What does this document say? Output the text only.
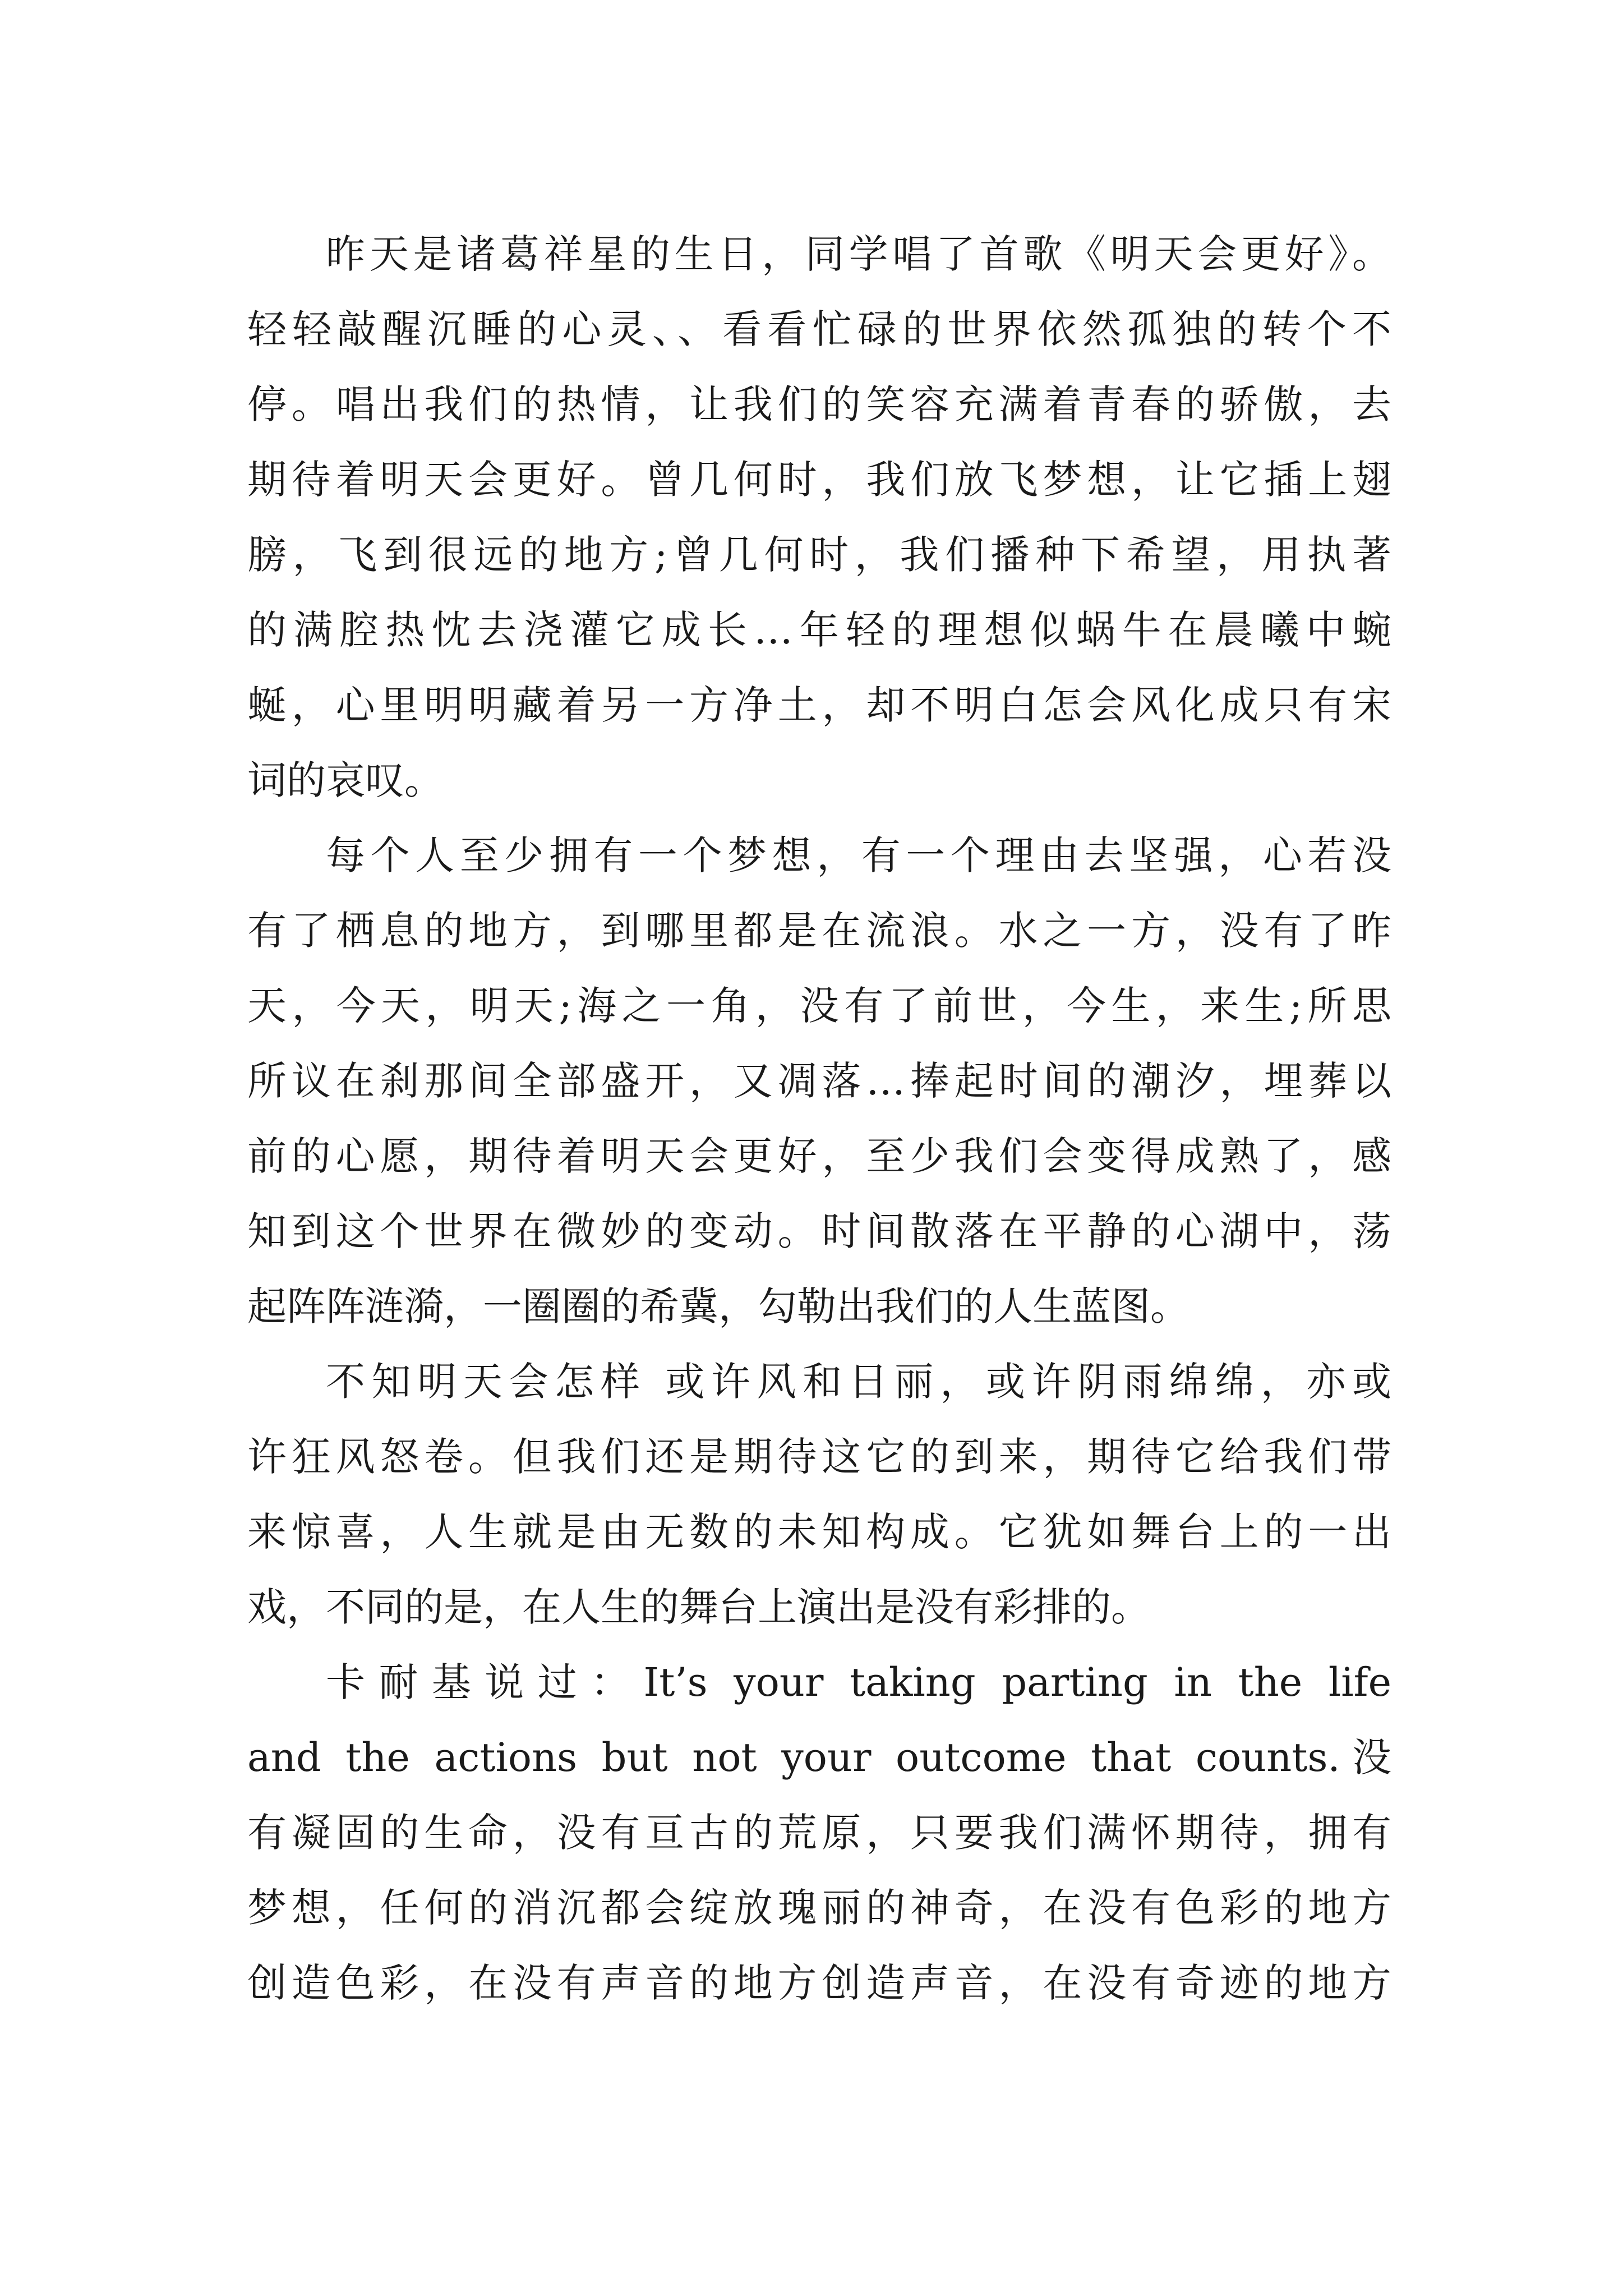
昨天是诸葛祥星的生日，同学唱了首歌《明天会更好》。
轻轻敲醒沉睡的心灵、、看看忙碌的世界依然孤独的转个不
停。唱出我们的热情，让我们的笑容充满着青春的骄傲，去
期待着明天会更好。曾几何时，我们放飞梦想，让它插上翅
膀，飞到很远的地方;曾几何时，我们播种下希望，用执著
的满腔热忱去浇灌它成长…年轻的理想似蜗牛在晨曦中蜿
蜒，心里明明藏着另一方净土，却不明白怎会风化成只有宋
词的哀叹。
每个人至少拥有一个梦想，有一个理由去坚强，心若没
有了栖息的地方，到哪里都是在流浪。水之一方，没有了昨
天，今天，明天;海之一角，没有了前世，今生，来生;所思
所议在刹那间全部盛开，又凋落…捧起时间的潮汐，埋葬以
前的心愿，期待着明天会更好，至少我们会变得成熟了，感
知到这个世界在微妙的变动。时间散落在平静的心湖中，荡
起阵阵涟漪，一圈圈的希冀，勾勒出我们的人生蓝图。
不知明天会怎样 或许风和日丽，或许阴雨绵绵，亦或
许狂风怒卷。但我们还是期待这它的到来，期待它给我们带
来惊喜，人生就是由无数的未知构成。它犹如舞台上的一出
戏，不同的是，在人生的舞台上演出是没有彩排的。
卡耐基说过：It’s your taking parting in the life
and the actions but not your outcome that counts.没
有凝固的生命，没有亘古的荒原，只要我们满怀期待，拥有
梦想，任何的消沉都会绽放瑰丽的神奇，在没有色彩的地方
创造色彩，在没有声音的地方创造声音，在没有奇迹的地方
